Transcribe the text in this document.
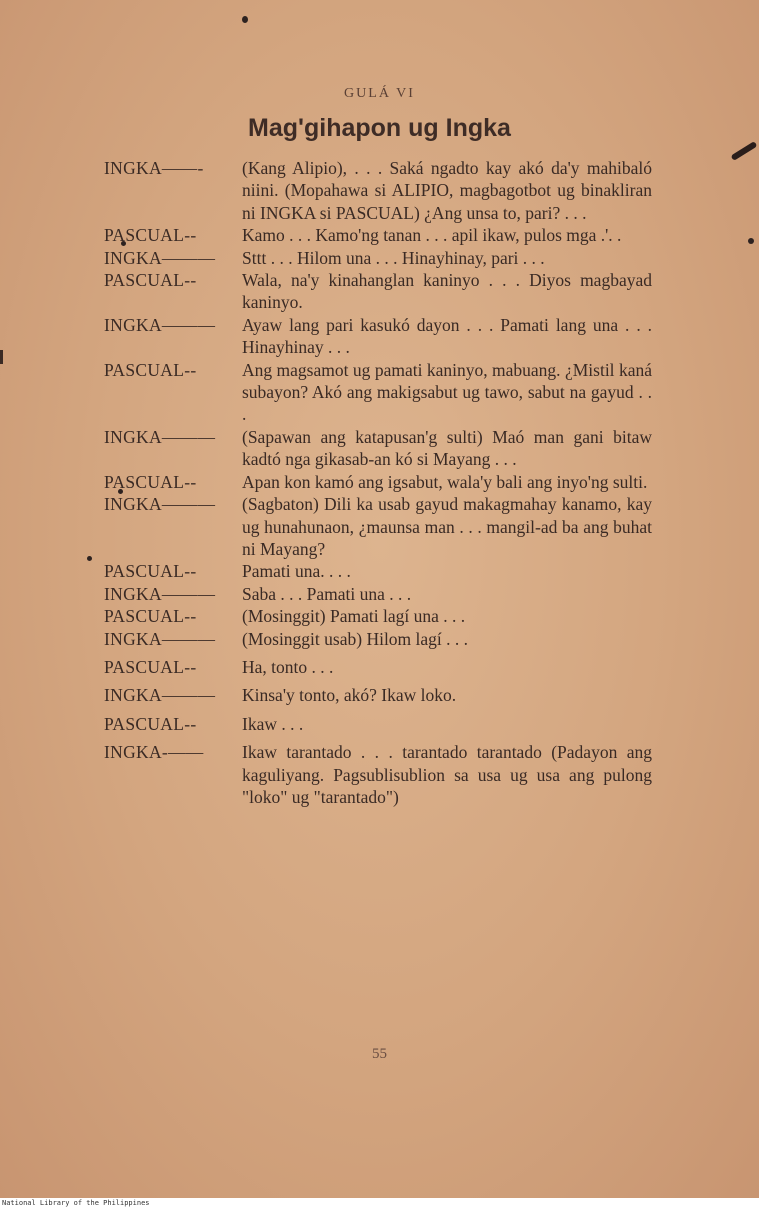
GULÁ VI
Mag'gihapon ug Ingka
INGKA——-	(Kang Alipio), . . . Saká ngadto kay akó da'y mahibaló niini. (Mopahawa si ALIPIO, magbagotbot ug binakliran ni INGKA si PASCUAL) ¿Ang unsa to, pari? . . .
PASCUAL--	Kamo . . . Kamo'ng tanan . . . apil ikaw, pulos mga .'. .
INGKA———	Sttt . . . Hilom una . . . Hinayhinay, pari . . .
PASCUAL--	Wala, na'y kinahanglan kaninyo . . . Diyos magbayad kaninyo.
INGKA———	Ayaw lang pari kasukó dayon . . . Pamati lang una . . . Hinayhinay . . .
PASCUAL--	Ang magsamot ug pamati kaninyo, mabuang. ¿Mistil kaná subayon? Akó ang makigsabut ug tawo, sabut na gayud . . .
INGKA———	(Sapawan ang katapusan'g sulti) Maó man gani bitaw kadtó nga gikasab-an kó si Mayang . . .
PASCUAL--	Apan kon kamó ang igsabut, wala'y bali ang inyo'ng sulti.
INGKA———	(Sagbaton) Dili ka usab gayud makagmahay kanamo, kay ug hunahunaon, ¿maunsa man . . . mangil-ad ba ang buhat ni Mayang?
PASCUAL--	Pamati una. . . .
INGKA———	Saba . . . Pamati una . . .
PASCUAL--	(Mosinggit) Pamati lagí una . . .
INGKA———	(Mosinggit usab) Hilom lagí . . .
PASCUAL--	Ha, tonto . . .
INGKA———	Kinsa'y tonto, akó? Ikaw loko.
PASCUAL--	Ikaw . . .
INGKA-——	Ikaw tarantado . . . tarantado tarantado (Padayon ang kaguliyang. Pagsublisublion sa usa ug usa ang pulong "loko" ug "tarantado")
55
National Library of the Philippines
